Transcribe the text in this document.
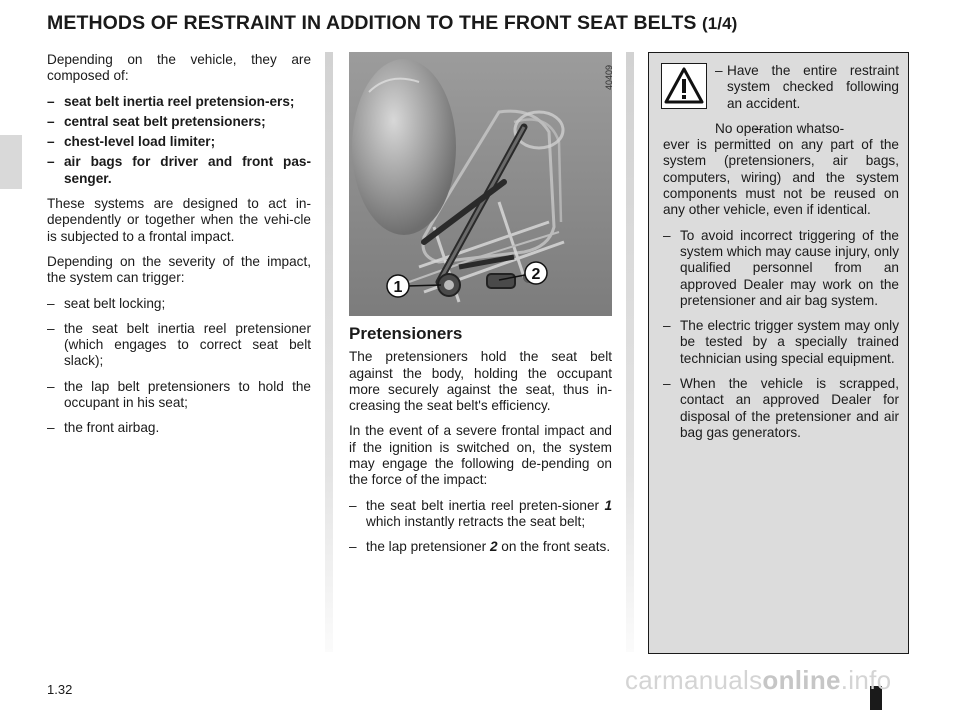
METHODS OF RESTRAINT IN ADDITION TO THE FRONT SEAT BELTS (1/4)

Depending on the vehicle, they are composed of:

– seat belt inertia reel pretension-ers;
– central seat belt pretensioners;
– chest-level load limiter;
– air bags for driver and front pas-senger.

These systems are designed to act in-dependently or together when the vehi-cle is subjected to a frontal impact.

Depending on the severity of the impact, the system can trigger:

– seat belt locking;
– the seat belt inertia reel pretensioner (which engages to correct seat belt slack);
– the lap belt pretensioners to hold the occupant in his seat;
– the front airbag.
1
2
Pretensioners

The pretensioners hold the seat belt against the body, holding the occupant more securely against the seat, thus in-creasing the seat belt's efficiency.

In the event of a severe frontal impact and if the ignition is switched on, the system may engage the following de-pending on the force of the impact:

– the seat belt inertia reel preten-sioner 1 which instantly retracts the seat belt;
– the lap pretensioner 2 on the front seats.
40409
–	Have the entire restraint system checked following an accident.
– No operation whatso-
ever is permitted on any part of the system (pretensioners, air bags, computers, wiring) and the system components must not be reused on any other vehicle, even if identical.
– To avoid incorrect triggering of the system which may cause injury, only qualified personnel from an approved Dealer may work on the pretensioner and air bag system.
– The electric trigger system may only be tested by a specially trained technician using special equipment.
– When the vehicle is scrapped, contact an approved Dealer for disposal of the pretensioner and air bag gas generators.
1.32	carmanualsonline.info
